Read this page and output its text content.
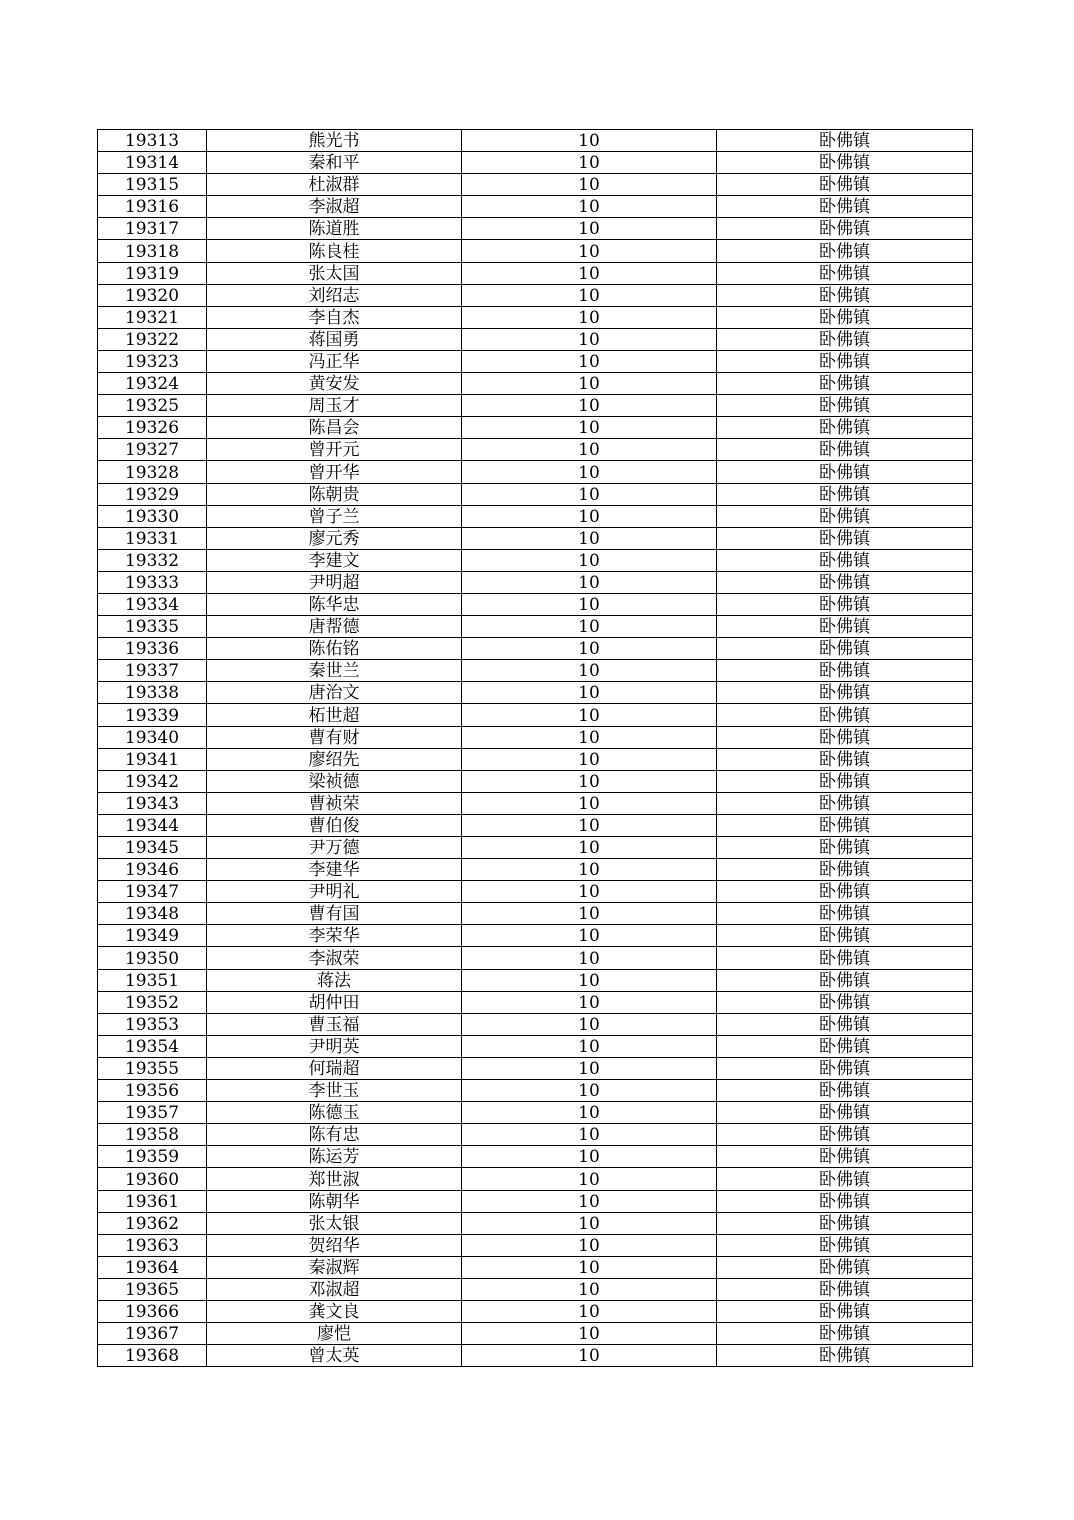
19313	熊光书	10	卧佛镇
19314	秦和平	10	卧佛镇
19315	杜淑群	10	卧佛镇
19316	李淑超	10	卧佛镇
19317	陈道胜	10	卧佛镇
19318	陈良桂	10	卧佛镇
19319	张太国	10	卧佛镇
19320	刘绍志	10	卧佛镇
19321	李自杰	10	卧佛镇
19322	蒋国勇	10	卧佛镇
19323	冯正华	10	卧佛镇
19324	黄安发	10	卧佛镇
19325	周玉才	10	卧佛镇
19326	陈昌会	10	卧佛镇
19327	曾开元	10	卧佛镇
19328	曾开华	10	卧佛镇
19329	陈朝贵	10	卧佛镇
19330	曾子兰	10	卧佛镇
19331	廖元秀	10	卧佛镇
19332	李建文	10	卧佛镇
19333	尹明超	10	卧佛镇
19334	陈华忠	10	卧佛镇
19335	唐帮德	10	卧佛镇
19336	陈佑铭	10	卧佛镇
19337	秦世兰	10	卧佛镇
19338	唐治文	10	卧佛镇
19339	柘世超	10	卧佛镇
19340	曹有财	10	卧佛镇
19341	廖绍先	10	卧佛镇
19342	梁祯德	10	卧佛镇
19343	曹祯荣	10	卧佛镇
19344	曹伯俊	10	卧佛镇
19345	尹万德	10	卧佛镇
19346	李建华	10	卧佛镇
19347	尹明礼	10	卧佛镇
19348	曹有国	10	卧佛镇
19349	李荣华	10	卧佛镇
19350	李淑荣	10	卧佛镇
19351	蒋法	10	卧佛镇
19352	胡仲田	10	卧佛镇
19353	曹玉福	10	卧佛镇
19354	尹明英	10	卧佛镇
19355	何瑞超	10	卧佛镇
19356	李世玉	10	卧佛镇
19357	陈德玉	10	卧佛镇
19358	陈有忠	10	卧佛镇
19359	陈运芳	10	卧佛镇
19360	郑世淑	10	卧佛镇
19361	陈朝华	10	卧佛镇
19362	张太银	10	卧佛镇
19363	贺绍华	10	卧佛镇
19364	秦淑辉	10	卧佛镇
19365	邓淑超	10	卧佛镇
19366	龚文良	10	卧佛镇
19367	廖恺	10	卧佛镇
19368	曾太英	10	卧佛镇
